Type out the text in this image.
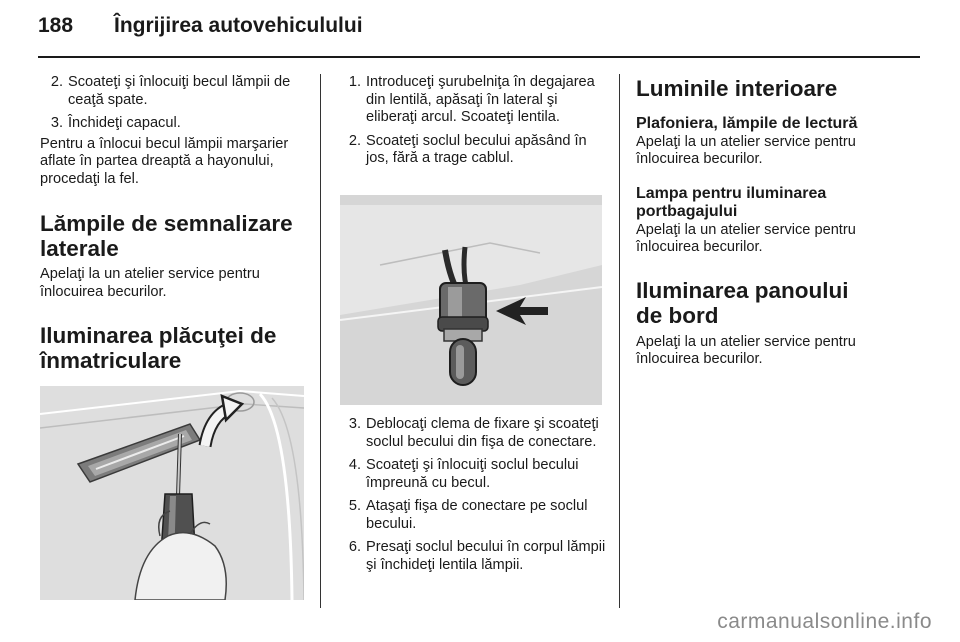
188	Îngrijirea autovehiculului
2. Scoateţi şi înlocuiţi becul lămpii de ceaţă spate.
3. Închideţi capacul.

Pentru a înlocui becul lămpii marşarier aflate în partea dreaptă a hayonului, procedaţi la fel.

Lămpile de semnalizare laterale

Apelaţi la un atelier service pentru înlocuirea becurilor.

Iluminarea plăcuţei de înmatriculare
1. Introduceţi şurubelniţa în degajarea din lentilă, apăsaţi în lateral şi eliberaţi arcul. Scoateţi lentila.
2. Scoateţi soclul becului apăsând în jos, fără a trage cablul.
3. Deblocaţi clema de fixare şi scoateţi soclul becului din fişa de conectare.
4. Scoateţi şi înlocuiţi soclul becului împreună cu becul.
5. Ataşaţi fişa de conectare pe soclul becului.
6. Presaţi soclul becului în corpul lămpii şi închideţi lentila lămpii.
Luminile interioare
Plafoniera, lămpile de lectură

Apelaţi la un atelier service pentru înlocuirea becurilor.

Lampa pentru iluminarea portbagajului

Apelaţi la un atelier service pentru înlocuirea becurilor.

Iluminarea panoului de bord

Apelaţi la un atelier service pentru înlocuirea becurilor.

carmanualsonline.info
